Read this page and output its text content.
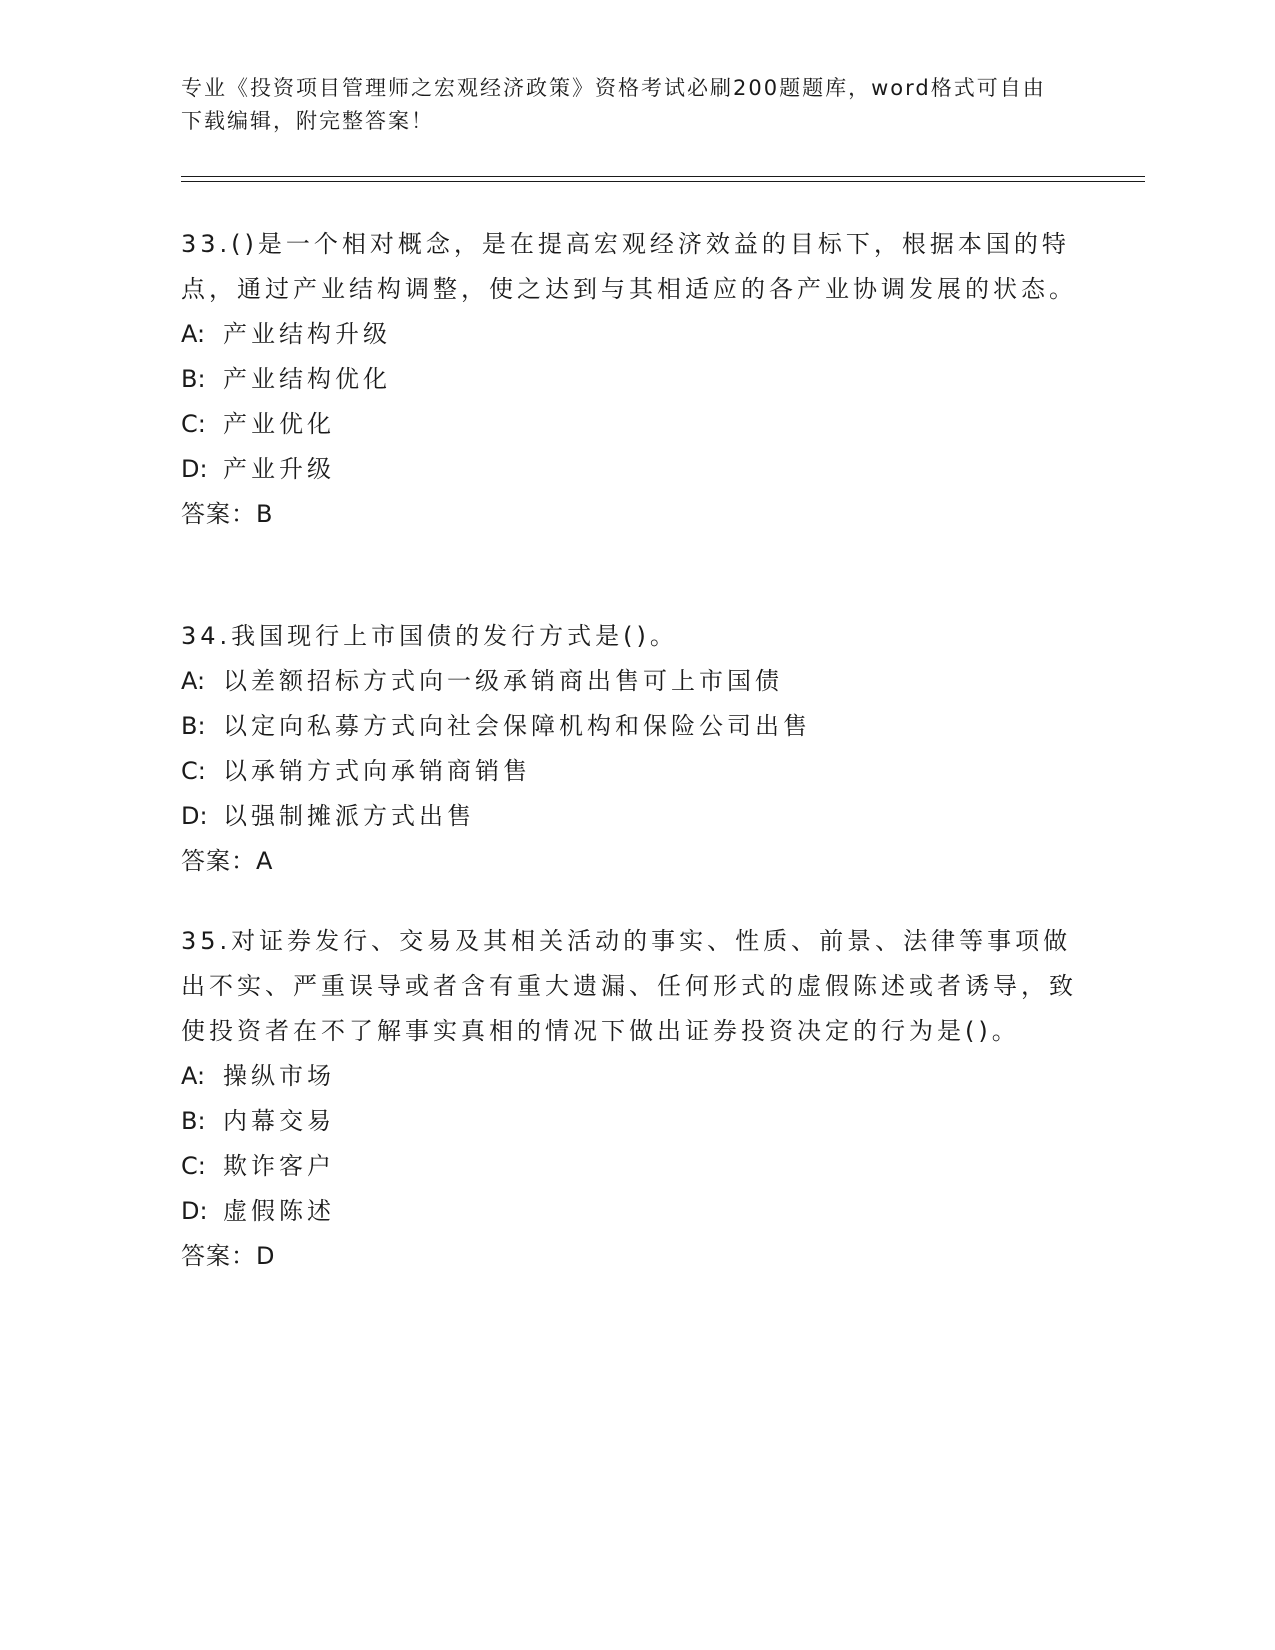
专业《投资项目管理师之宏观经济政策》资格考试必刷200题题库，word格式可自由下载编辑，附完整答案！
33.()是一个相对概念，是在提高宏观经济效益的目标下，根据本国的特点，通过产业结构调整，使之达到与其相适应的各产业协调发展的状态。
A: 产业结构升级
B: 产业结构优化
C: 产业优化
D: 产业升级
答案：B
34.我国现行上市国债的发行方式是()。
A: 以差额招标方式向一级承销商出售可上市国债
B: 以定向私募方式向社会保障机构和保险公司出售
C: 以承销方式向承销商销售
D: 以强制摊派方式出售
答案：A
35.对证券发行、交易及其相关活动的事实、性质、前景、法律等事项做出不实、严重误导或者含有重大遗漏、任何形式的虚假陈述或者诱导，致使投资者在不了解事实真相的情况下做出证券投资决定的行为是()。
A: 操纵市场
B: 内幕交易
C: 欺诈客户
D: 虚假陈述
答案：D
